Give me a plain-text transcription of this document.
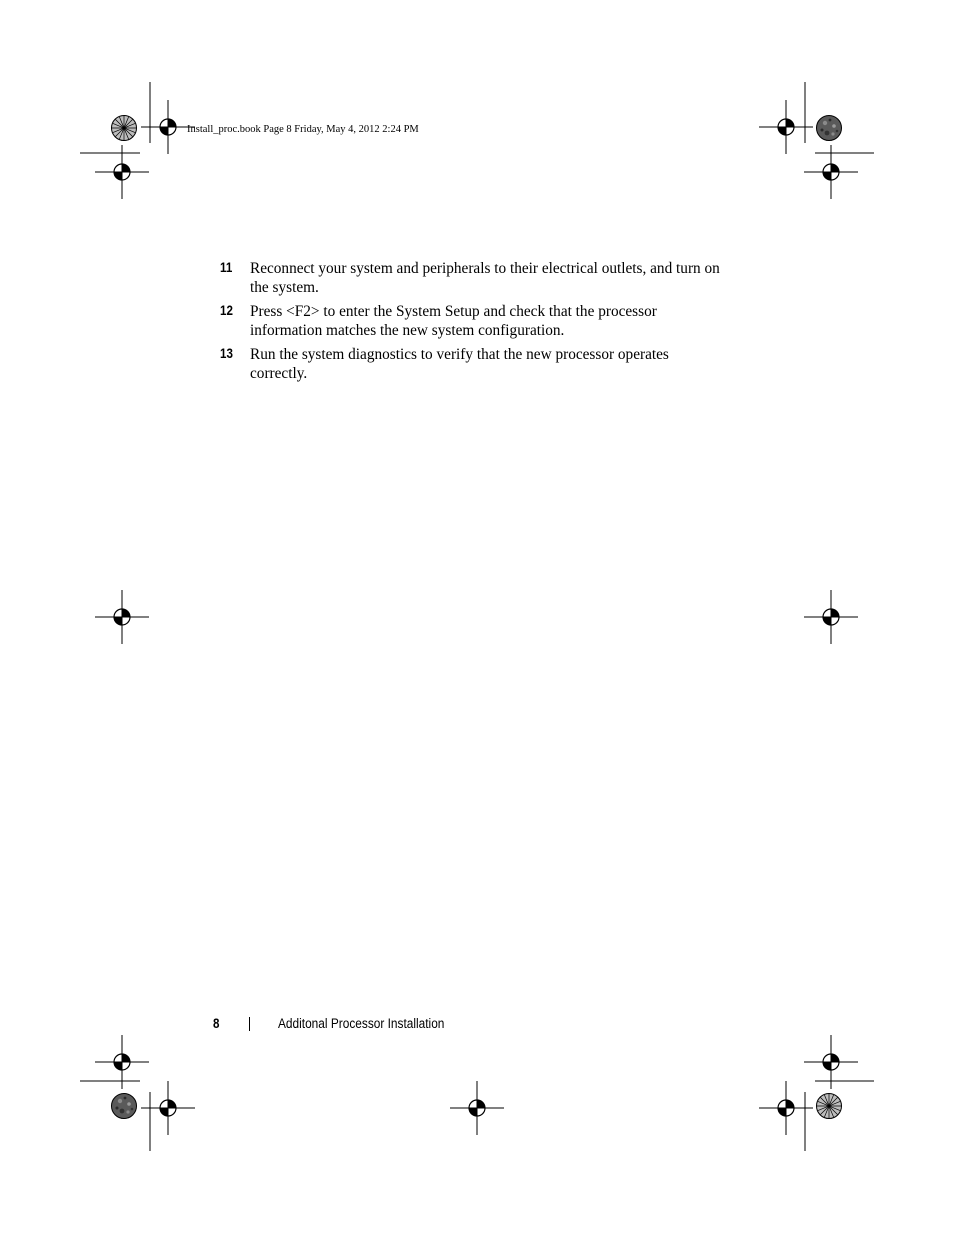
Install_proc.book Page 8 Friday, May 4, 2012 2:24 PM
11 Reconnect your system and peripherals to their electrical outlets, and turn on the system.
12 Press <F2> to enter the System Setup and check that the processor information matches the new system configuration.
13 Run the system diagnostics to verify that the new processor operates correctly.
8	Additonal Processor Installation
